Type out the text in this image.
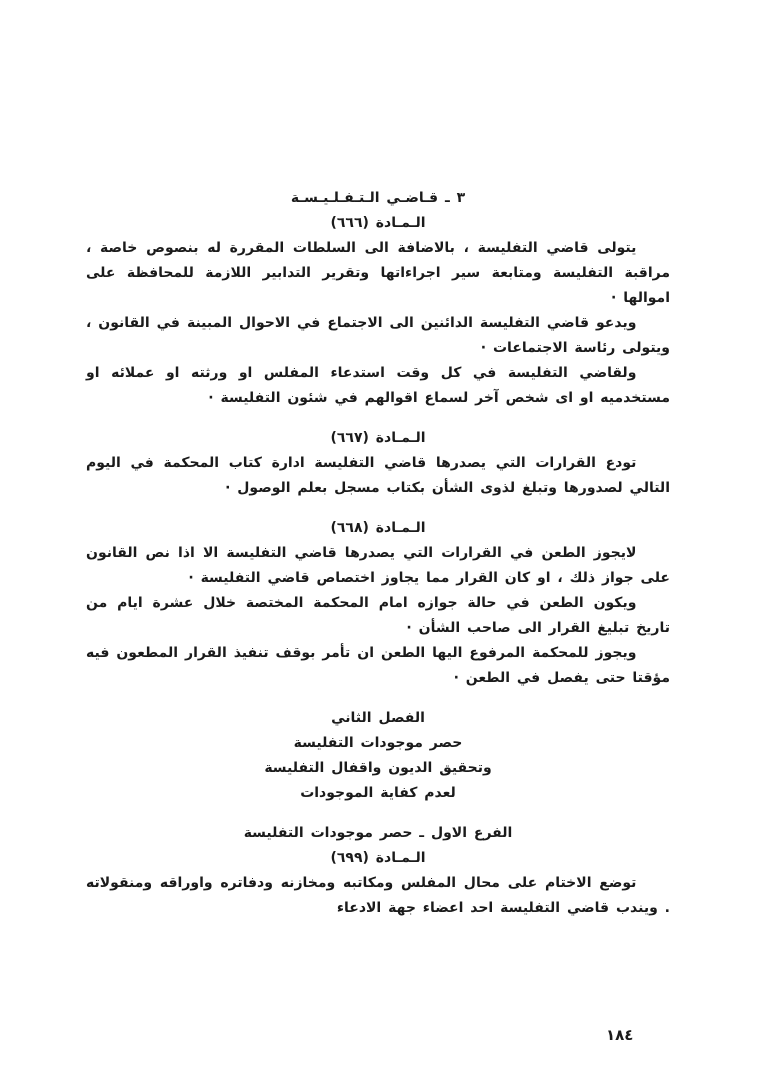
٣ ـ قـاضـي الـتـفـلـيـسـة
الـمـادة (٦٦٦)

يتولى قاضي التفليسة ، بالاضافة الى السلطات المقررة له بنصوص خاصة ، مراقبة التفليسة ومتابعة سير اجراءاتها وتقرير التدابير اللازمة للمحافظة على اموالها ·

ويدعو قاضي التفليسة الدائنين الى الاجتماع في الاحوال المبينة في القانون ، ويتولى رئاسة الاجتماعات ·

ولقاضي التفليسة في كل وقت استدعاء المفلس او ورثته او عملائه او مستخدميه او اى شخص آخر لسماع اقوالهم في شئون التفليسة ·

الـمـادة (٦٦٧)

تودع القرارات التي يصدرها قاضي التفليسة ادارة كتاب المحكمة في اليوم التالي لصدورها وتبلغ لذوى الشأن بكتاب مسجل بعلم الوصول ·

الـمـادة (٦٦٨)

لايجوز الطعن في القرارات التي يصدرها قاضي التفليسة الا اذا نص القانون على جواز ذلك ، او كان القرار مما يجاوز اختصاص قاضي التفليسة ·

ويكون الطعن في حالة جوازه امام المحكمة المختصة خلال عشرة ايام من تاريخ تبليغ القرار الى صاحب الشأن ·

ويجوز للمحكمة المرفوع اليها الطعن ان تأمر بوقف تنفيذ القرار المطعون فيه مؤقتا حتى يفصل في الطعن ·

الفصل الثاني
حصر موجودات التفليسة
وتحقيق الديون واقفال التفليسة
لعدم كفاية الموجودات
الفرع الاول ـ حصر موجودات التفليسة
الـمـادة (٦٩٩)

توضع الاختام على محال المفلس ومكاتبه ومخازنه ودفاتره واوراقه ومنقولاته . ويندب قاضي التفليسة احد اعضاء جهة الادعاء

١٨٤
